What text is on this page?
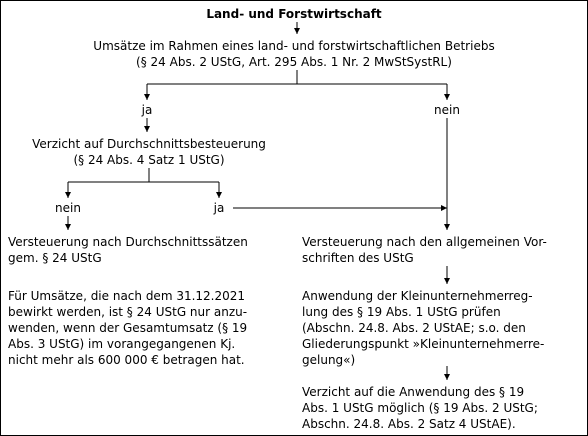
Land- und Forstwirtschaft
Umsätze im Rahmen eines land- und forstwirtschaftlichen Betriebs
(§ 24 Abs. 2 UStG, Art. 295 Abs. 1 Nr. 2 MwStSystRL)
ja	nein
Verzicht auf Durchschnittsbesteuerung
(§ 24 Abs. 4 Satz 1 UStG)
nein	ja
Versteuerung nach Durchschnittssätzen
gem. § 24 UStG
Für Umsätze, die nach dem 31.12.2021
bewirkt werden, ist § 24 UStG nur anzu-
wenden, wenn der Gesamtumsatz (§ 19
Abs. 3 UStG) im vorangegangenen Kj.
nicht mehr als 600 000 € betragen hat.
Versteuerung nach den allgemeinen Vor-
schriften des UStG
Anwendung der Kleinunternehmerreg-
lung des § 19 Abs. 1 UStG prüfen
(Abschn. 24.8. Abs. 2 UStAE; s.o. den
Gliederungspunkt »Kleinunternehmerre-
gelung«)
Verzicht auf die Anwendung des § 19
Abs. 1 UStG möglich (§ 19 Abs. 2 UStG;
Abschn. 24.8. Abs. 2 Satz 4 UStAE).
